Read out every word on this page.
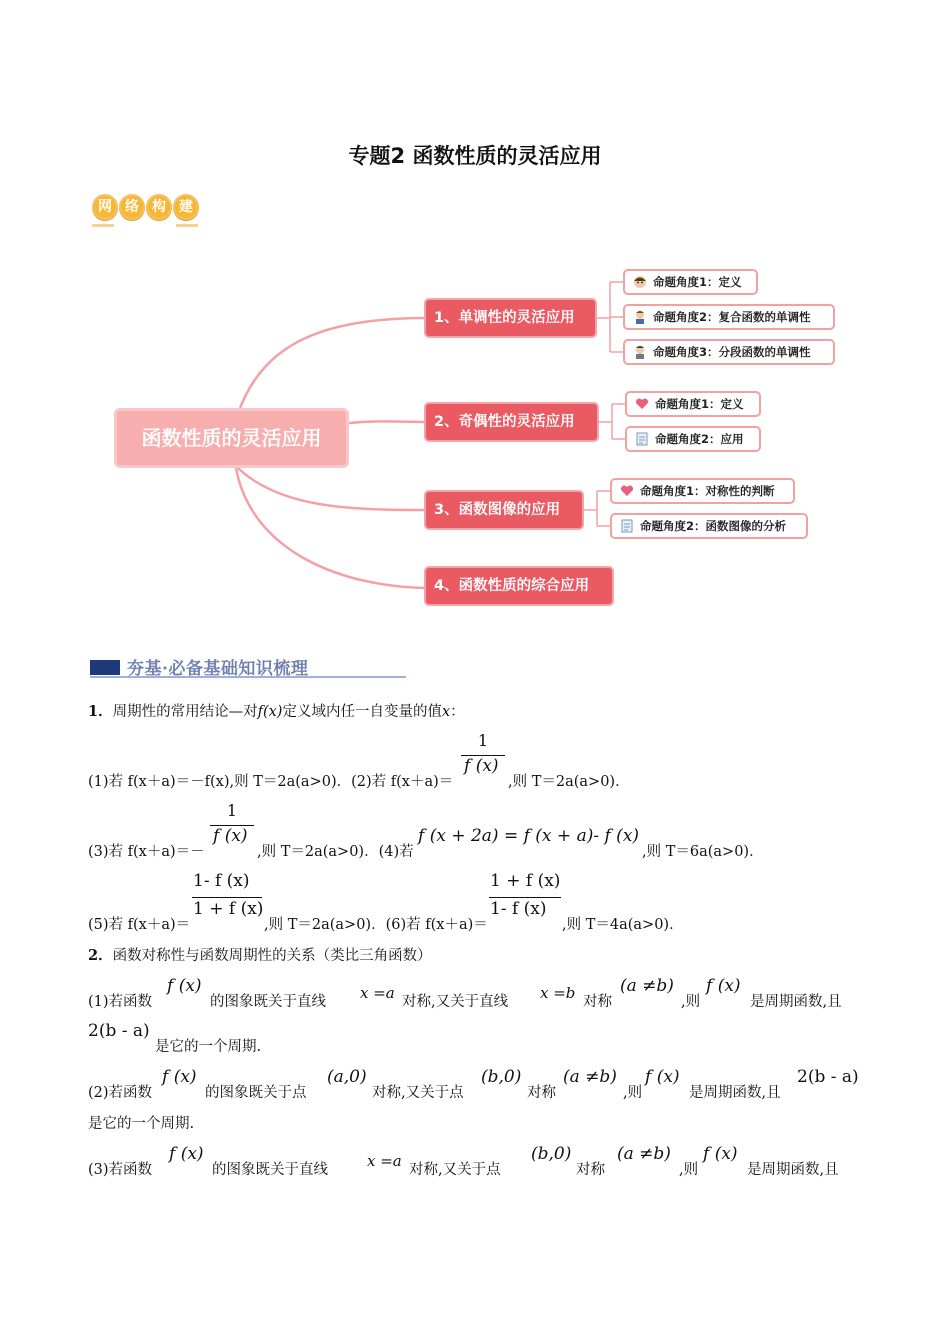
专题2 函数性质的灵活应用
网 络 构 建
函数性质的灵活应用
1、单调性的灵活应用
2、奇偶性的灵活应用
3、函数图像的应用
4、函数性质的综合应用
命题角度1：定义
命题角度2：复合函数的单调性
命题角度3：分段函数的单调性
命题角度1：定义
命题角度2：应用
命题角度1：对称性的判断
命题角度2：函数图像的分析
夯基·必备基础知识梳理
1．周期性的常用结论—对f(x)定义域内任一自变量的值x：
(1)若 f(x＋a)＝－f(x),则 T＝2a(a>0)．(2)若 f(x＋a)＝
1
f (x)
,则 T＝2a(a>0)．
(3)若 f(x＋a)＝－
1
f (x)
,则 T＝2a(a>0)．(4)若
f (x + 2a) = f (x + a)- f (x)
,则 T＝6a(a>0)．
(5)若 f(x＋a)＝
1- f (x)
1 + f (x)
,则 T＝2a(a>0)．(6)若 f(x＋a)＝
1 + f (x)
1- f (x)
,则 T＝4a(a>0)．
2．函数对称性与函数周期性的关系（类比三角函数）
(1)若函数
f (x)
的图象既关于直线 x =a 对称,又关于直线 x =b 对称
(a ≠b)
,则
f (x)
是周期函数,且
2(b - a)
是它的一个周期.
(2)若函数
f (x)
的图象既关于点
(a,0)
对称,又关于点
(b,0)
对称
(a ≠b)
,则
f (x)
是周期函数,且
2(b - a)
是它的一个周期.
(3)若函数
f (x)
的图象既关于直线	x =a 对称,又关于点
(b,0)
对称
(a ≠b)
,则
f (x)
是周期函数,且
